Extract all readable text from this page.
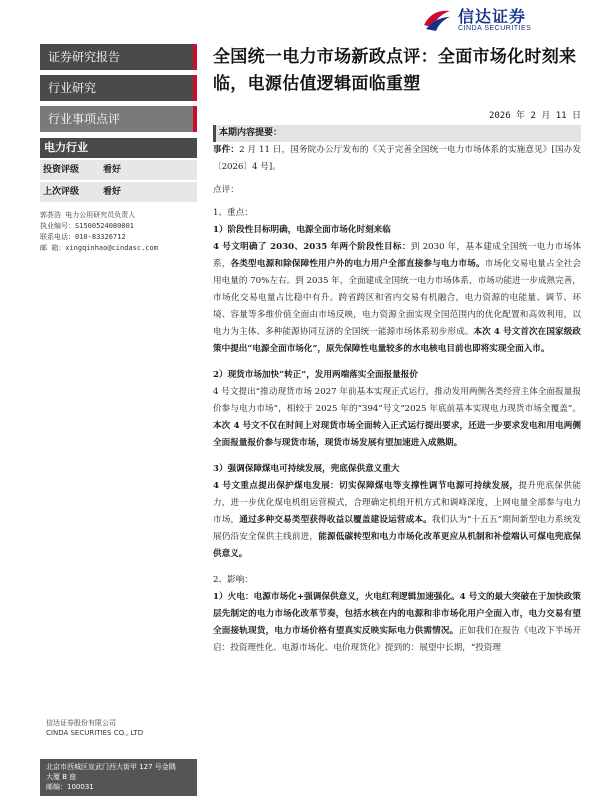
信达证券
CINDA SECURITIES
证券研究报告
行业研究
行业事项点评
电力行业
投资评级	看好
上次评级	看好
郭荟浩 电力公用研究员负责人
执业编号：S1500524080001
联系电话：010-83326712
邮 箱：xingqinhao@cindasc.com
信达证券股份有限公司
CINDA SECURITIES CO., LTD
北京市西城区宣武门西大街甲 127 号金隅
大厦 B 座
邮编：100031
全国统一电力市场新政点评：全面市场化时刻来临，电源估值逻辑面临重塑
2026 年 2 月 11 日
本期内容提要：

事件：2 月 11 日，国务院办公厅发布的《关于完善全国统一电力市场体系的实施意见》[国办发〔2026〕4 号]。

点评：

1、重点：

1）阶段性目标明确，电源全面市场化时刻来临

4 号文明确了 2030、2035 年两个阶段性目标：到 2030 年，基本建成全国统一电力市场体系，各类型电源和除保障性用户外的电力用户全部直接参与电力市场。市场化交易电量占全社会用电量的 70%左右。到 2035 年，全面建成全国统一电力市场体系，市场功能进一步成熟完善，市场化交易电量占比稳中有升。跨省跨区和省内交易有机融合，电力资源的电能量、调节、环境、容量等多维价值全面由市场反映，电力资源全面实现全国范围内的优化配置和高效利用，以电力为主体、多种能源协同互济的全国统一能源市场体系初步形成。本次 4 号文首次在国家级政策中提出“电源全面市场化”，原先保障性电量较多的水电核电目前也即将实现全面入市。

2）现货市场加快“转正”，发用两端落实全面报量报价

4 号文提出“推动现货市场 2027 年前基本实现正式运行，推动发用两侧各类经营主体全面报量报价参与电力市场”，相较于 2025 年的“394”号文“2025 年底前基本实现电力现货市场全覆盖”。本次 4 号文不仅在时间上对现货市场全面转入正式运行提出要求，还进一步要求发电和用电两侧全面报量报价参与现货市场，现货市场发展有望加速进入成熟期。

3）强调保障煤电可持续发展，兜底保供意义重大

4 号文重点提出保护煤电发展：切实保障煤电等支撑性调节电源可持续发展，提升兜底保供能力，进一步优化煤电机组运营模式，合理确定机组开机方式和调峰深度，上网电量全部参与电力市场，通过多种交易类型获得收益以覆盖建设运营成本。我们认为“十五五”期间新型电力系统发展仍沿安全保供主线前进，能源低碳转型和电力市场化改革更应从机制和补偿端认可煤电兜底保供意义。

2、影响：

1）火电：电源市场化+强调保供意义，火电红利逻辑加速强化。4 号文的最大突破在于加快政策层先制定的电力市场化改革节奏，包括水核在内的电源和非市场化用户全面入市，电力交易有望全面接轨现货，电力市场价格有望真实反映实际电力供需情况。正如我们在报告《电改下半场开启：投资理性化、电源市场化、电价现货化》提到的：展望中长期，“投资理
